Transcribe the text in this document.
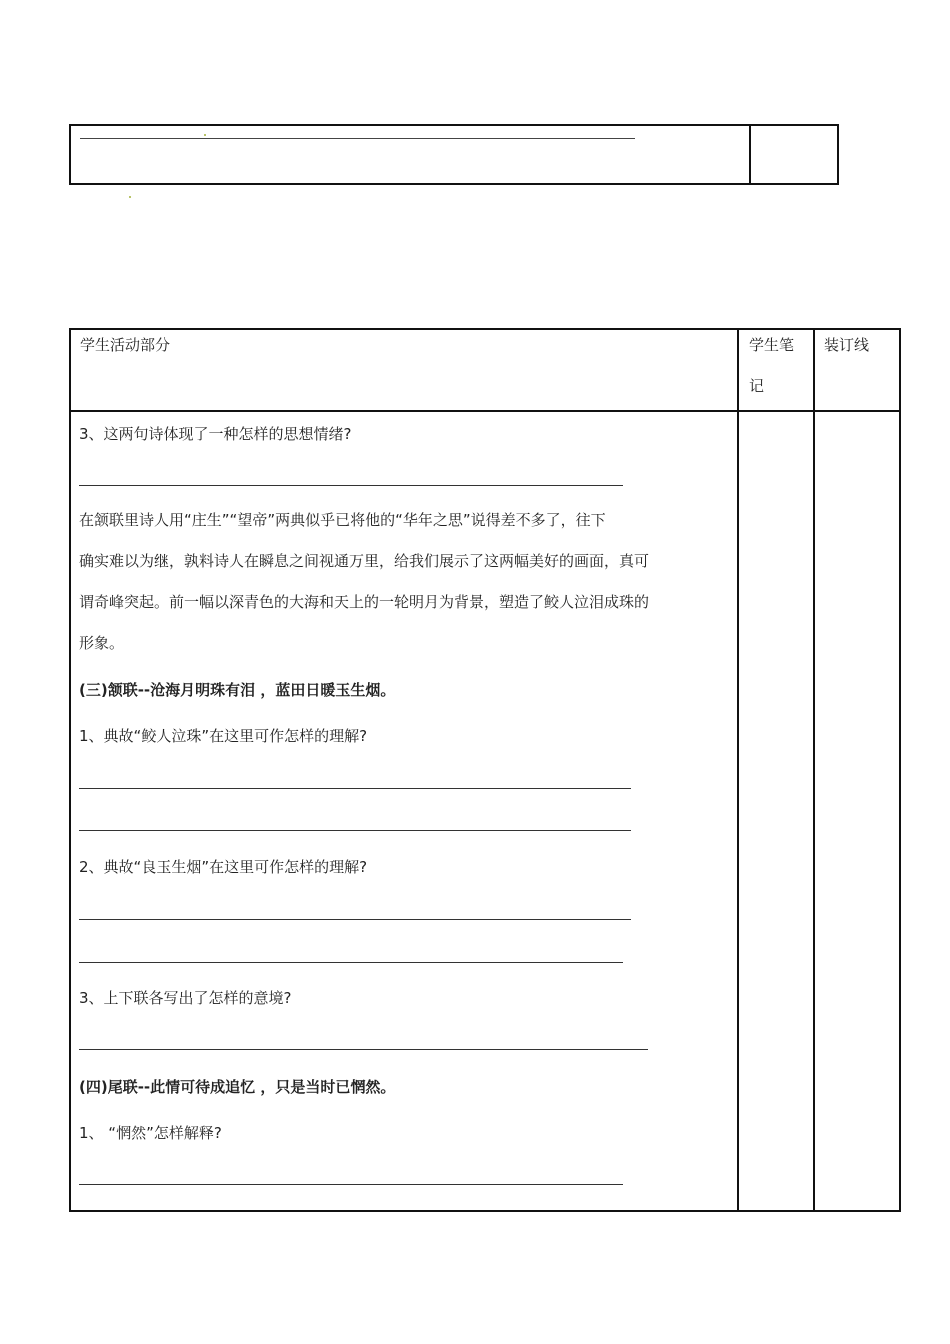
学生活动部分	学生笔
记
装订线
3、这两句诗体现了一种怎样的思想情绪?
在颔联里诗人用“庄生”“望帝”两典似乎已将他的“华年之思”说得差不多了，往下
确实难以为继，孰料诗人在瞬息之间视通万里，给我们展示了这两幅美好的画面，真可
谓奇峰突起。前一幅以深青色的大海和天上的一轮明月为背景，塑造了鲛人泣泪成珠的
形象。
(三)颔联--沧海月明珠有泪 ，蓝田日暖玉生烟。
1、典故“鲛人泣珠”在这里可作怎样的理解?
2、典故“良玉生烟”在这里可作怎样的理解?
3、上下联各写出了怎样的意境?
(四)尾联--此情可待成追忆 ，只是当时已惘然。
1、 “惘然”怎样解释?
